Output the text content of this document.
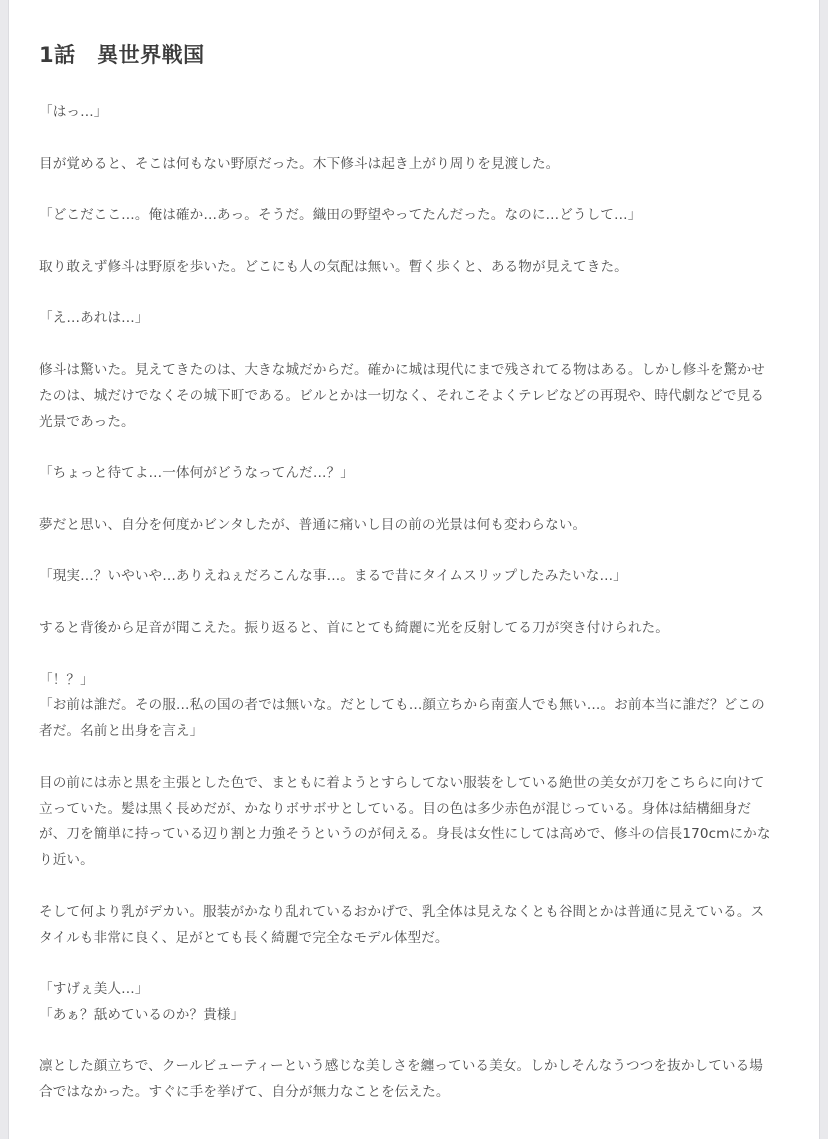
1話　異世界戦国
「はっ…」
目が覚めると、そこは何もない野原だった。木下修斗は起き上がり周りを見渡した。
「どこだここ…。俺は確か…あっ。そうだ。織田の野望やってたんだった。なのに…どうして…」
取り敢えず修斗は野原を歩いた。どこにも人の気配は無い。暫く歩くと、ある物が見えてきた。
「え…あれは…」
修斗は驚いた。見えてきたのは、大きな城だからだ。確かに城は現代にまで残されてる物はある。しかし修斗を驚かせたのは、城だけでなくその城下町である。ビルとかは一切なく、それこそよくテレビなどの再現や、時代劇などで見る光景であった。
「ちょっと待てよ…一体何がどうなってんだ…？」
夢だと思い、自分を何度かビンタしたが、普通に痛いし目の前の光景は何も変わらない。
「現実…？いやいや…ありえねぇだろこんな事…。まるで昔にタイムスリップしたみたいな…」
すると背後から足音が聞こえた。振り返ると、首にとても綺麗に光を反射してる刀が突き付けられた。
「！？」
「お前は誰だ。その服…私の国の者では無いな。だとしても…顔立ちから南蛮人でも無い…。お前本当に誰だ？どこの者だ。名前と出身を言え」
目の前には赤と黒を主張とした色で、まともに着ようとすらしてない服装をしている絶世の美女が刀をこちらに向けて立っていた。髪は黒く長めだが、かなりボサボサとしている。目の色は多少赤色が混じっている。身体は結構細身だが、刀を簡単に持っている辺り割と力強そうというのが伺える。身長は女性にしては高めで、修斗の信長170cmにかなり近い。
そして何より乳がデカい。服装がかなり乱れているおかげで、乳全体は見えなくとも谷間とかは普通に見えている。スタイルも非常に良く、足がとても長く綺麗で完全なモデル体型だ。
「すげぇ美人…」
「あぁ？舐めているのか？貴様」
凛とした顔立ちで、クールビューティーという感じな美しさを纏っている美女。しかしそんなうつつを抜かしている場合ではなかった。すぐに手を挙げて、自分が無力なことを伝えた。
